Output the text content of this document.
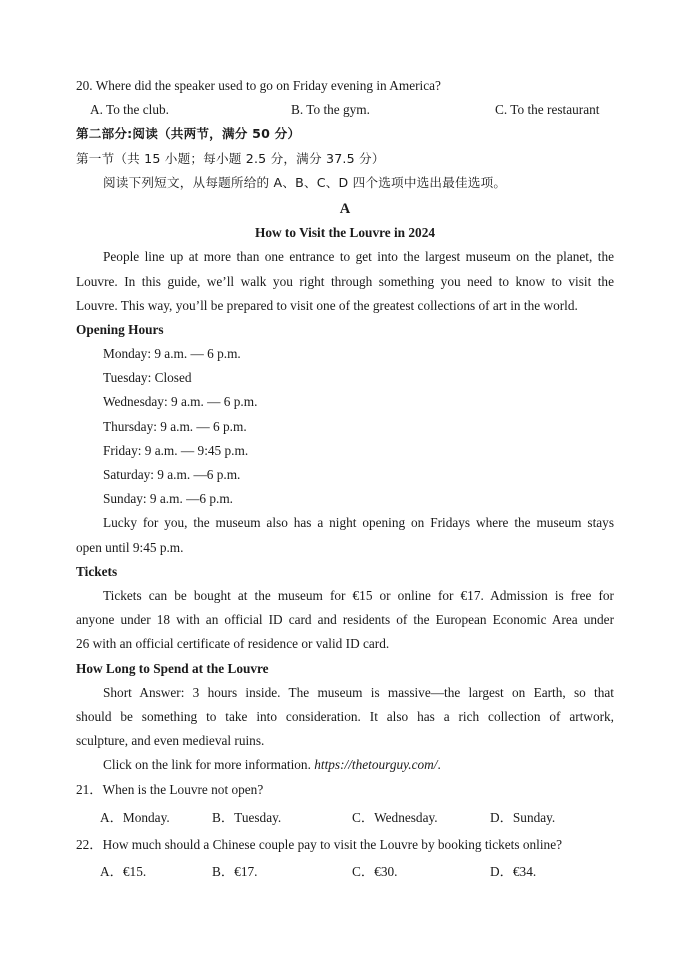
20. Where did the speaker used to go on Friday evening in America?
A. To the club.	B. To the gym.	C. To the restaurant
第二部分:阅读（共两节，满分 50 分）
第一节（共 15 小题；每小题 2.5 分，满分 37.5 分）
阅读下列短文，从每题所给的 A、B、C、D 四个选项中选出最佳选项。
A
How to Visit the Louvre in 2024
People line up at more than one entrance to get into the largest museum on the planet, the
Louvre. In this guide, we’ll walk you right through something you need to know to visit the
Louvre. This way, you’ll be prepared to visit one of the greatest collections of art in the world.
Opening Hours
Monday: 9 a.m. — 6 p.m.
Tuesday: Closed
Wednesday: 9 a.m. — 6 p.m.
Thursday: 9 a.m. — 6 p.m.
Friday: 9 a.m. — 9:45 p.m.
Saturday: 9 a.m. —6 p.m.
Sunday: 9 a.m. —6 p.m.
Lucky for you, the museum also has a night opening on Fridays where the museum stays
open until 9:45 p.m.
Tickets
Tickets can be bought at the museum for €15 or online for €17. Admission is free for
anyone under 18 with an official ID card and residents of the European Economic Area under
26 with an official certificate of residence or valid ID card.
How Long to Spend at the Louvre
Short Answer: 3 hours inside. The museum is massive—the largest on Earth, so that
should be something to take into consideration. It also has a rich collection of artwork,
sculpture, and even medieval ruins.
Click on the link for more information. https://thetourguy.com/.
21．When is the Louvre not open?
A．Monday.	B．Tuesday.	C．Wednesday.	D．Sunday.
22．How much should a Chinese couple pay to visit the Louvre by booking tickets online?
A．€15.	B．€17.	C．€30.	D．€34.
